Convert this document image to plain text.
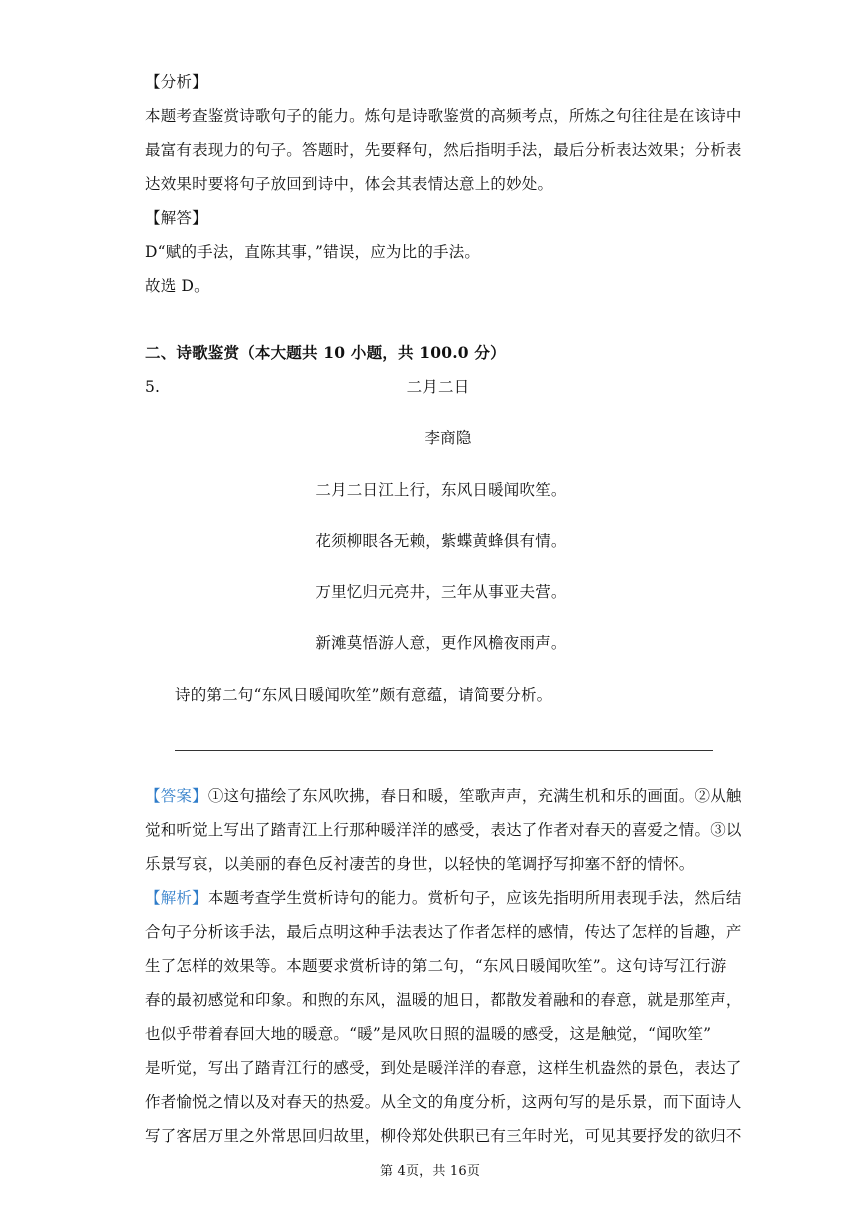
【分析】
本题考查鉴赏诗歌句子的能力。炼句是诗歌鉴赏的高频考点，所炼之句往往是在该诗中
最富有表现力的句子。答题时，先要释句，然后指明手法，最后分析表达效果；分析表
达效果时要将句子放回到诗中，体会其表情达意上的妙处。
【解答】
D“赋的手法，直陈其事，”错误，应为比的手法。
故选 D。
二、诗歌鉴赏（本大题共 10 小题，共 100.0 分）
5.	二月二日
李商隐
二月二日江上行，东风日暖闻吹笙。
花须柳眼各无赖，紫蝶黄蜂俱有情。
万里忆归元亮井，三年从事亚夫营。
新滩莫悟游人意，更作风檐夜雨声。
诗的第二句“东风日暖闻吹笙”颇有意蕴，请简要分析。
【答案】①这句描绘了东风吹拂，春日和暖，笙歌声声，充满生机和乐的画面。②从触
觉和听觉上写出了踏青江上行那种暖洋洋的感受，表达了作者对春天的喜爱之情。③以
乐景写哀，以美丽的春色反衬凄苦的身世，以轻快的笔调抒写抑塞不舒的情怀。
【解析】本题考查学生赏析诗句的能力。赏析句子，应该先指明所用表现手法，然后结
合句子分析该手法，最后点明这种手法表达了作者怎样的感情，传达了怎样的旨趣，产
生了怎样的效果等。本题要求赏析诗的第二句，“东风日暖闻吹笙”。这句诗写江行游
春的最初感觉和印象。和煦的东风，温暖的旭日，都散发着融和的春意，就是那笙声，
也似乎带着春回大地的暖意。“暖”是风吹日照的温暖的感受，这是触觉，“闻吹笙”
是听觉，写出了踏青江行的感受，到处是暖洋洋的春意，这样生机盎然的景色，表达了
作者愉悦之情以及对春天的热爱。从全文的角度分析，这两句写的是乐景，而下面诗人
写了客居万里之外常思回归故里，柳伶郑处供职已有三年时光，可见其要抒发的欲归不
第 4页，共 16页
